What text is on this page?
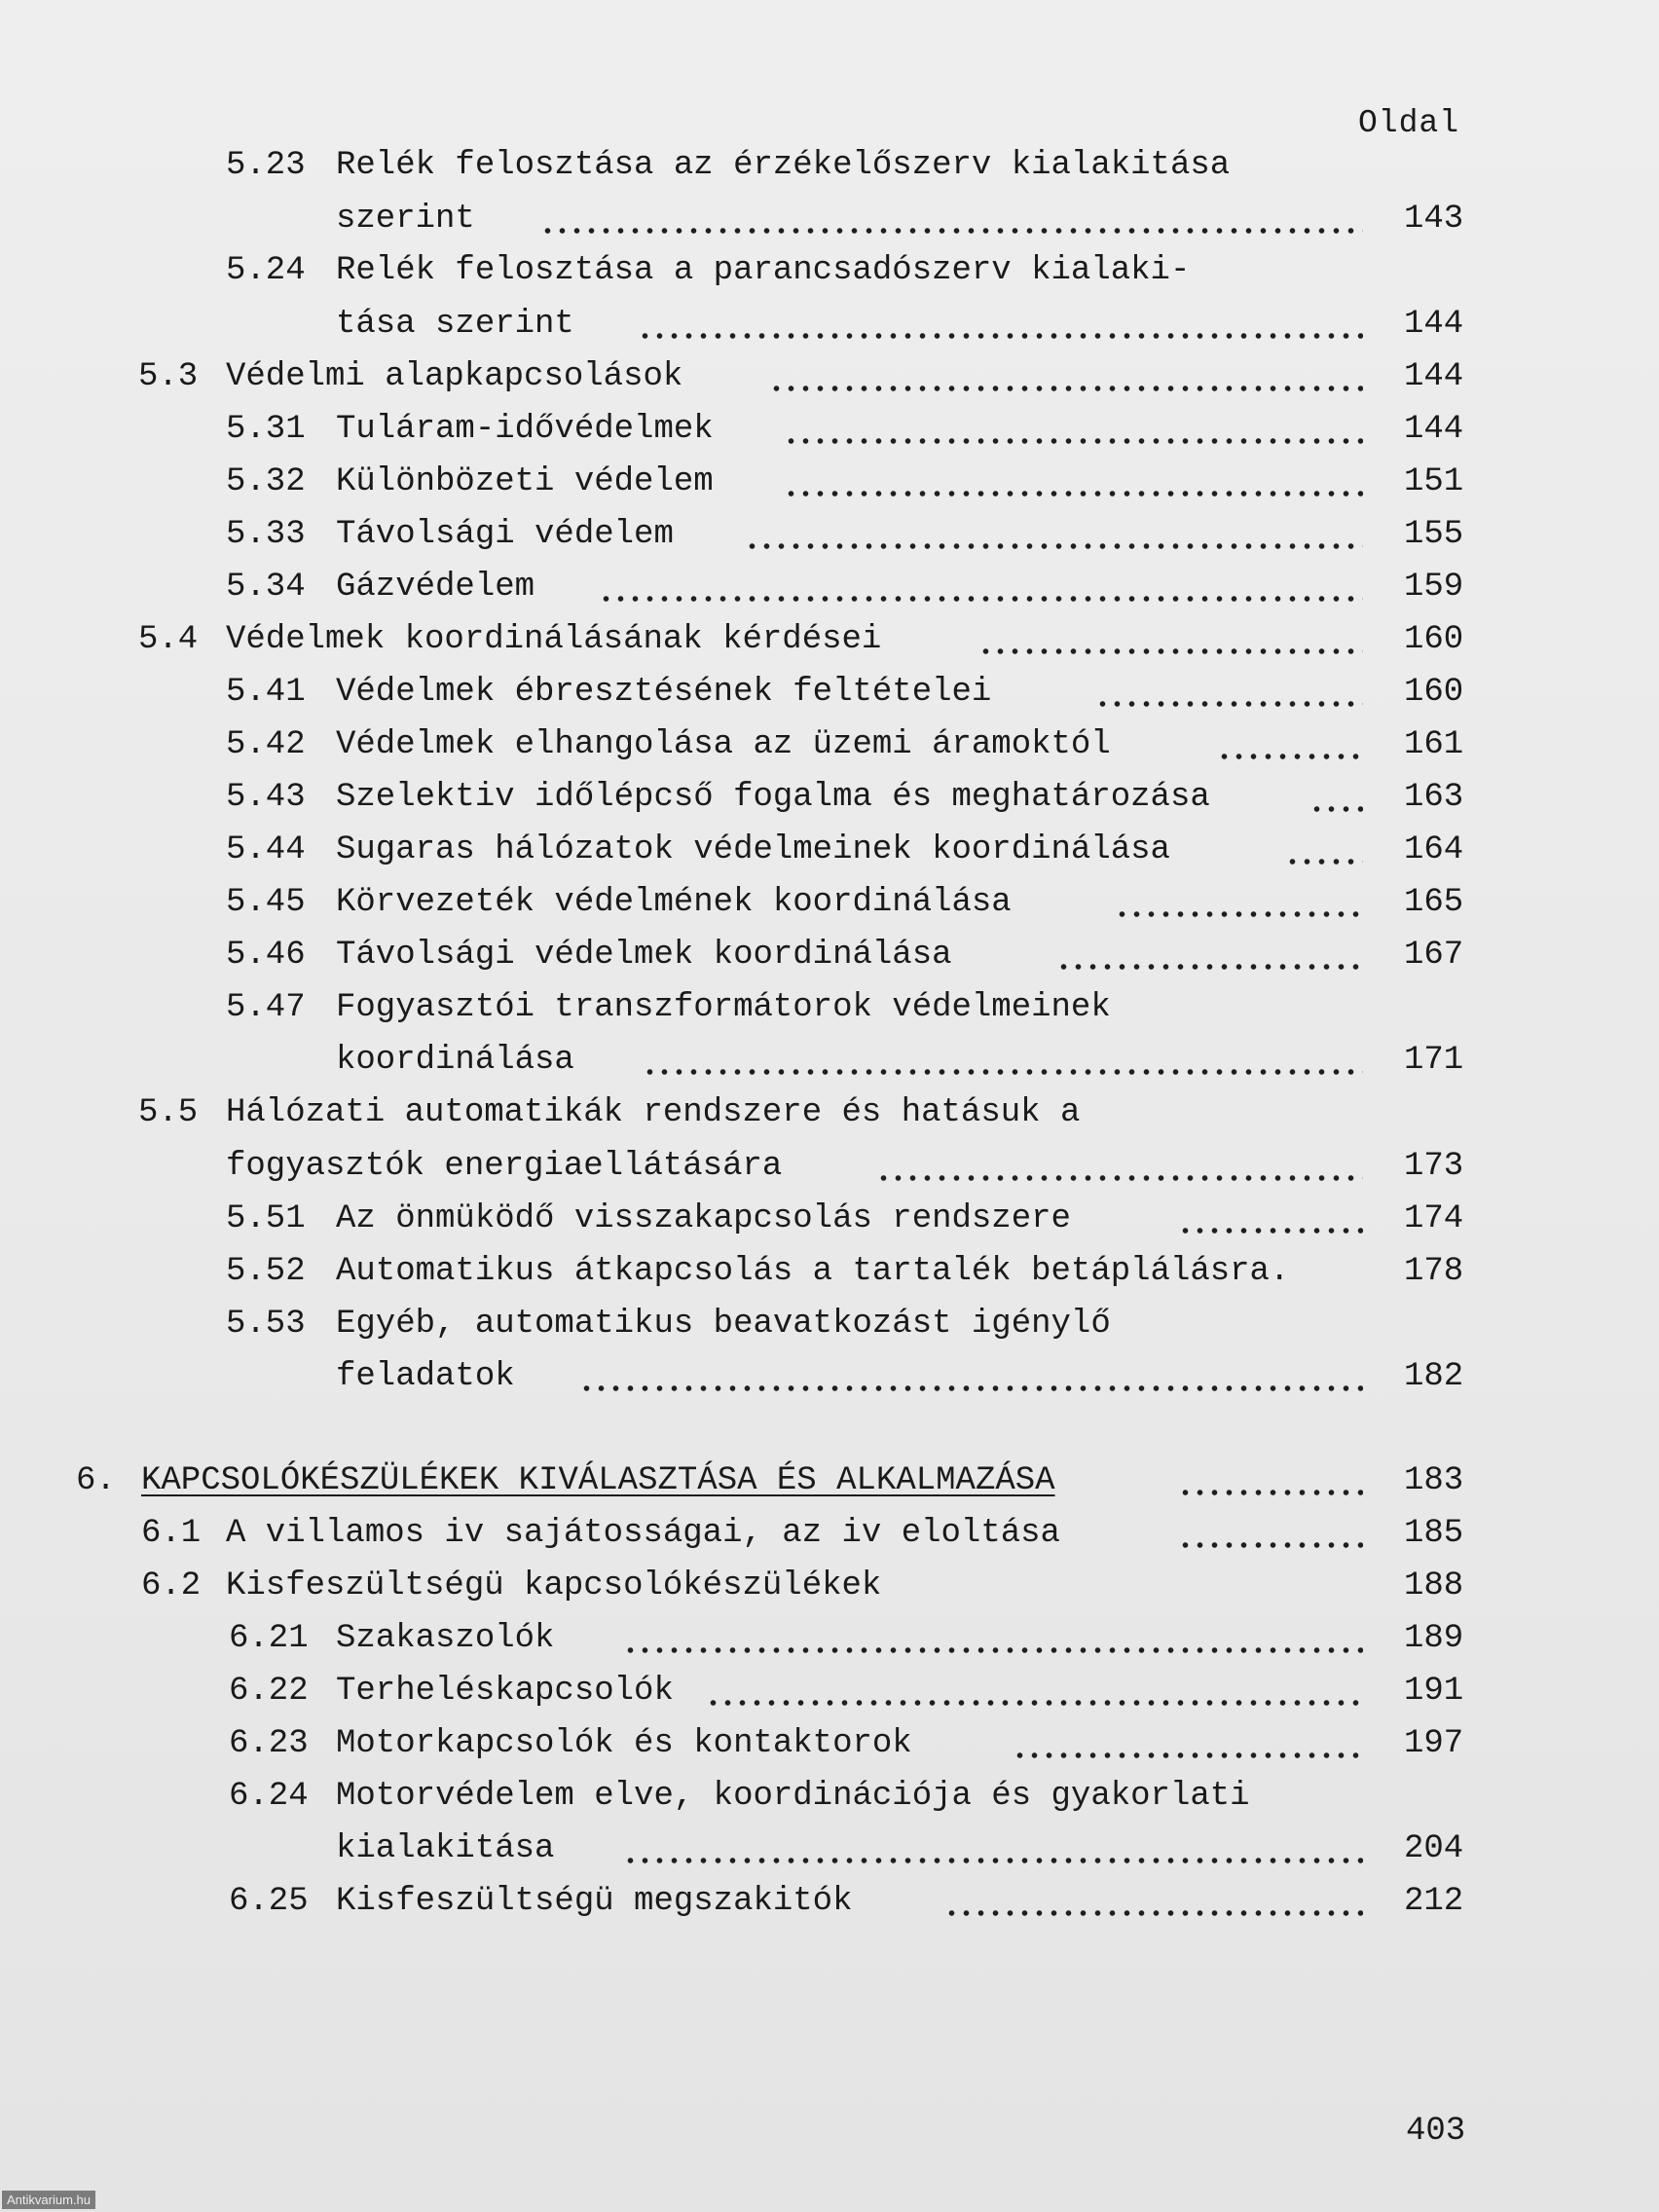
Oldal
5.23 Relék felosztása az érzékelőszerv kialakitása
szerint	143
5.24 Relék felosztása a parancsadószerv kialaki-
tása szerint	144
5.3 Védelmi alapkapcsolások	144
5.31 Tuláram-idővédelmek	144
5.32 Különbözeti védelem	151
5.33 Távolsági védelem	155
5.34 Gázvédelem	159
5.4 Védelmek koordinálásának kérdései	160
5.41 Védelmek ébresztésének feltételei	160
5.42 Védelmek elhangolása az üzemi áramoktól	161
5.43 Szelektiv időlépcső fogalma és meghatározása	163
5.44 Sugaras hálózatok védelmeinek koordinálása	164
5.45 Körvezeték védelmének koordinálása	165
5.46 Távolsági védelmek koordinálása	167
5.47 Fogyasztói transzformátorok védelmeinek
koordinálása	171
5.5 Hálózati automatikák rendszere és hatásuk a
fogyasztók energiaellátására	173
5.51 Az önmüködő visszakapcsolás rendszere	174
5.52 Automatikus átkapcsolás a tartalék betáplálásra.	178
5.53 Egyéb, automatikus beavatkozást igénylő
feladatok	182
6. KAPCSOLÓKÉSZÜLÉKEK KIVÁLASZTÁSA ÉS ALKALMAZÁSA	183
6.1 A villamos iv sajátosságai, az iv eloltása	185
6.2 Kisfeszültségü kapcsolókészülékek	188
6.21 Szakaszolók	189
6.22 Terheléskapcsolók	191
6.23 Motorkapcsolók és kontaktorok	197
6.24 Motorvédelem elve, koordinációja és gyakorlati
kialakitása	204
6.25 Kisfeszültségü megszakitók	212
403
Antikvarium.hu
